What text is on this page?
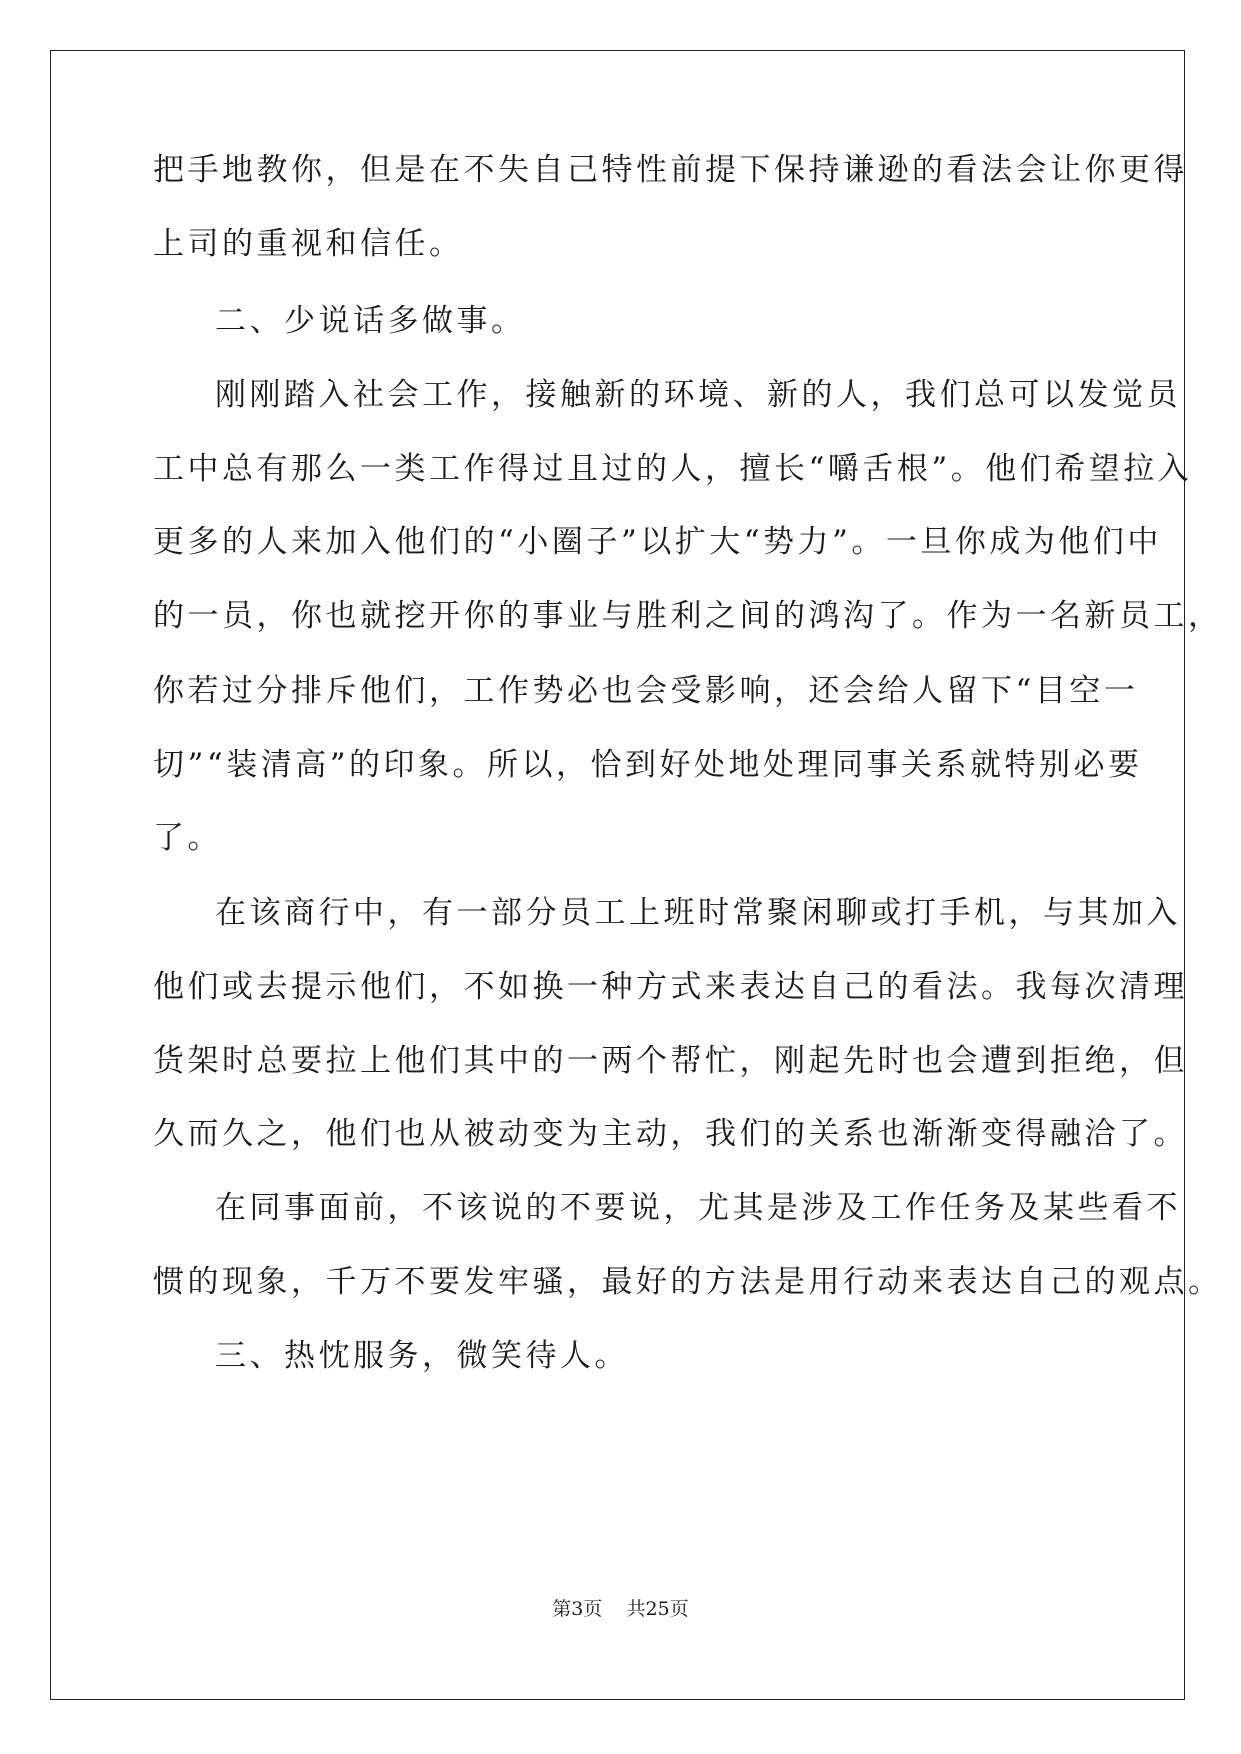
把手地教你，但是在不失自己特性前提下保持谦逊的看法会让你更得
上司的重视和信任。
二、少说话多做事。
刚刚踏入社会工作，接触新的环境、新的人，我们总可以发觉员
工中总有那么一类工作得过且过的人，擅长“嚼舌根”。他们希望拉入
更多的人来加入他们的“小圈子”以扩大“势力”。一旦你成为他们中
的一员，你也就挖开你的事业与胜利之间的鸿沟了。作为一名新员工，
你若过分排斥他们，工作势必也会受影响，还会给人留下“目空一
切”“装清高”的印象。所以，恰到好处地处理同事关系就特别必要
了。
在该商行中，有一部分员工上班时常聚闲聊或打手机，与其加入
他们或去提示他们，不如换一种方式来表达自己的看法。我每次清理
货架时总要拉上他们其中的一两个帮忙，刚起先时也会遭到拒绝，但
久而久之，他们也从被动变为主动，我们的关系也渐渐变得融洽了。
在同事面前，不该说的不要说，尤其是涉及工作任务及某些看不
惯的现象，千万不要发牢骚，最好的方法是用行动来表达自己的观点。
三、热忱服务，微笑待人。
第3页 共25页
